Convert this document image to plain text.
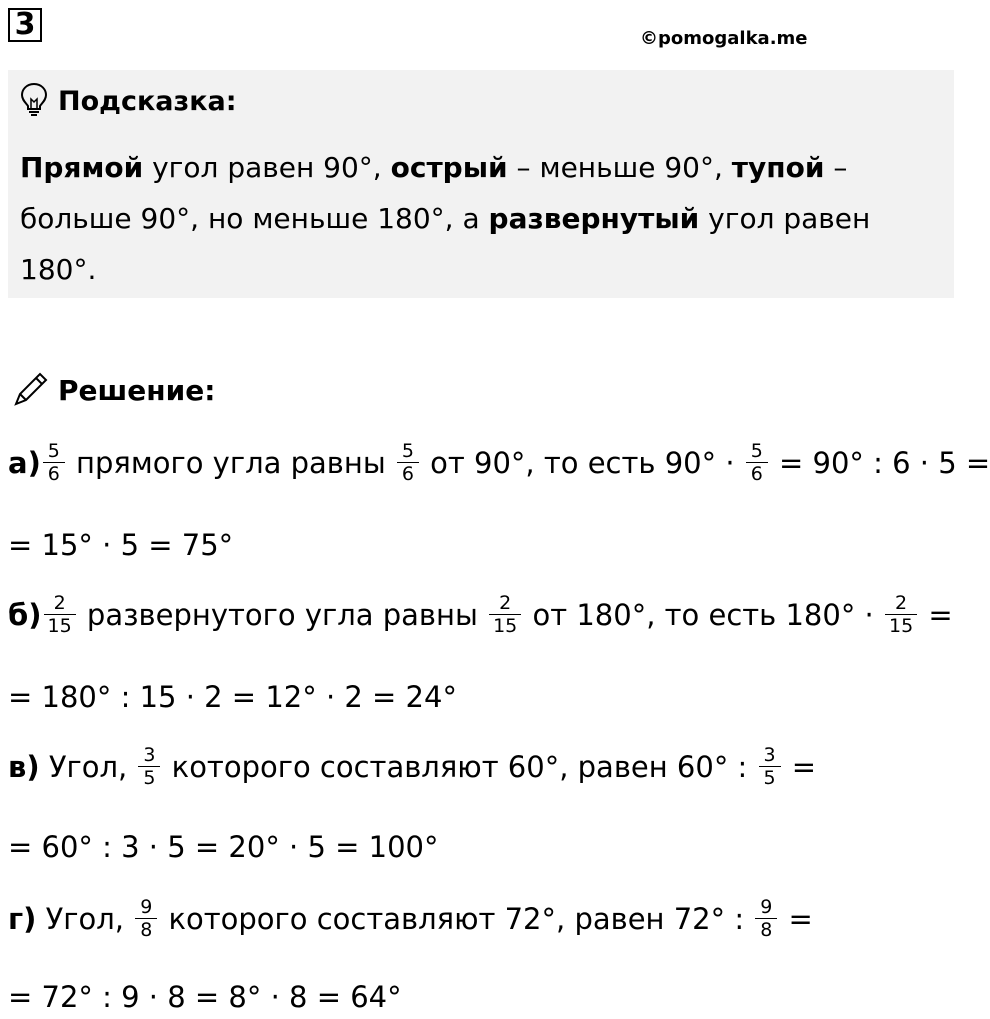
3	©pomogalka.me
Подсказка:
Прямой угол равен 90°, острый – меньше 90°, тупой – больше 90°, но меньше 180°, а развернутый угол равен 180°.
Решение:
$а) \frac{5}{6}$ прямого угла равны $\frac{5}{6}$ от 90°, то есть $90^\circ \cdot \frac{5}{6} = 90^\circ$ : 6 · 5 =
= 15° · 5 = 75°
$б) \frac{2}{15}$ развернутого угла равны $\frac{2}{15}$ от 180°, то есть $180^\circ \cdot \frac{2}{15}$ =
= 180° : 15 · 2 = 12° · 2 = 24°
в) Угол, $\frac{3}{5}$ которого составляют 60°, равен 60° : $\frac{3}{5}$ =
= 60° : 3 · 5 = 20° · 5 = 100°
г) Угол, $\frac{9}{8}$ которого составляют 72°, равен 72° : $\frac{9}{8}$ =
= 72° : 9 · 8 = 8° · 8 = 64°
